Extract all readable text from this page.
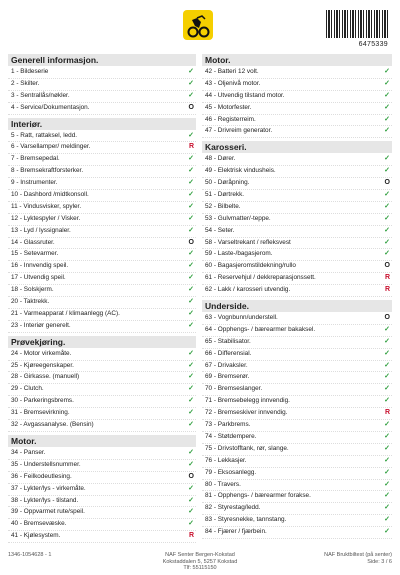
6475339
Generell informasjon.
1 - Bildeserie	✓
2 - Skilter.	✓
3 - Sentrallås/nøkler.	✓
4 - Service/Dokumentasjon.	O
Interiør.
5 - Ratt, rattaksel, ledd.	✓
6 - Varsellamper/ meldinger.	R
7 - Bremsepedal.	✓
8 - Bremsekraftforsterker.	✓
9 - Instrumenter.	✓
10 - Dashbord /midtkonsoll.	✓
11 - Vindusvisker, spyler.	✓
12 - Lyktespyler / Visker.	✓
13 - Lyd / lyssignaler.	✓
14 - Glassruter.	O
15 - Setevarmer.	✓
16 - Innvendig speil.	✓
17 - Utvendig speil.	✓
18 - Solskjerm.	✓
20 - Taktrekk.	✓
21 - Varmeapparat / klimaanlegg (AC).	✓
23 - Interiør generelt.	✓
Prøvekjøring.
24 - Motor virkemåte.	✓
25 - Kjøreegenskaper.	✓
28 - Girkasse. (manuell)	✓
29 - Clutch.	✓
30 - Parkeringsbrems.	✓
31 - Bremsevirkning.	✓
32 - Avgassanalyse. (Bensin)	✓
Motor.
34 - Panser.	✓
35 - Understellsnummer.	✓
36 - Feilkodeutlesing.	O
37 - Lykter/lys - virkemåte.	✓
38 - Lykter/lys - tilstand.	✓
39 - Oppvarmet rute/speil.	✓
40 - Bremsevæske.	✓
41 - Kjølesystem.	R
Motor.
42 - Batteri 12 volt.	✓
43 - Oljenivå motor.	✓
44 - Utvendig tilstand motor.	✓
45 - Motorfester.	✓
46 - Registerreim.	✓
47 - Drivreim generator.	✓
Karosseri.
48 - Dører.	✓
49 - Elektrisk vindusheis.	✓
50 - Døråpning.	O
51 - Dørtrekk.	✓
52 - Bilbelte.	✓
53 - Gulvmatter/-teppe.	✓
54 - Seter.	✓
58 - Varseltrekant / refleksvest	✓
59 - Laste-/bagasjerom.	✓
60 - Bagasjeromstildekning/rullo	O
61 - Reservehjul / dekkreparasjonssett.	R
62 - Lakk / karosseri utvendig.	R
Underside.
63 - Vognbunn/understell.	O
64 - Opphengs- / bærearmer bakaksel.	✓
65 - Stabilisator.	✓
66 - Differensial.	✓
67 - Drivaksler.	✓
69 - Bremserør.	✓
70 - Bremseslanger.	✓
71 - Bremsebelegg innvendig.	✓
72 - Bremseskiver innvendig.	R
73 - Parkbrems.	✓
74 - Støtdempere.	✓
75 - Drivstofftank, rør, slange.	✓
76 - Lekkasjer.	✓
79 - Eksosanlegg.	✓
80 - Travers.	✓
81 - Opphengs- / bærearmer forakse.	✓
82 - Styrestag/ledd.	✓
83 - Styresnekke, tannstang.	✓
84 - Fjærer / fjærbein.	✓
1346-1054628 - 1	NAF Senter Bergen-Kokstad
Kokstaddalen 5, 5257 Kokstad
Tlf: 55115150
NAF Bruktbiltest (på senter)
Side: 3 / 6
